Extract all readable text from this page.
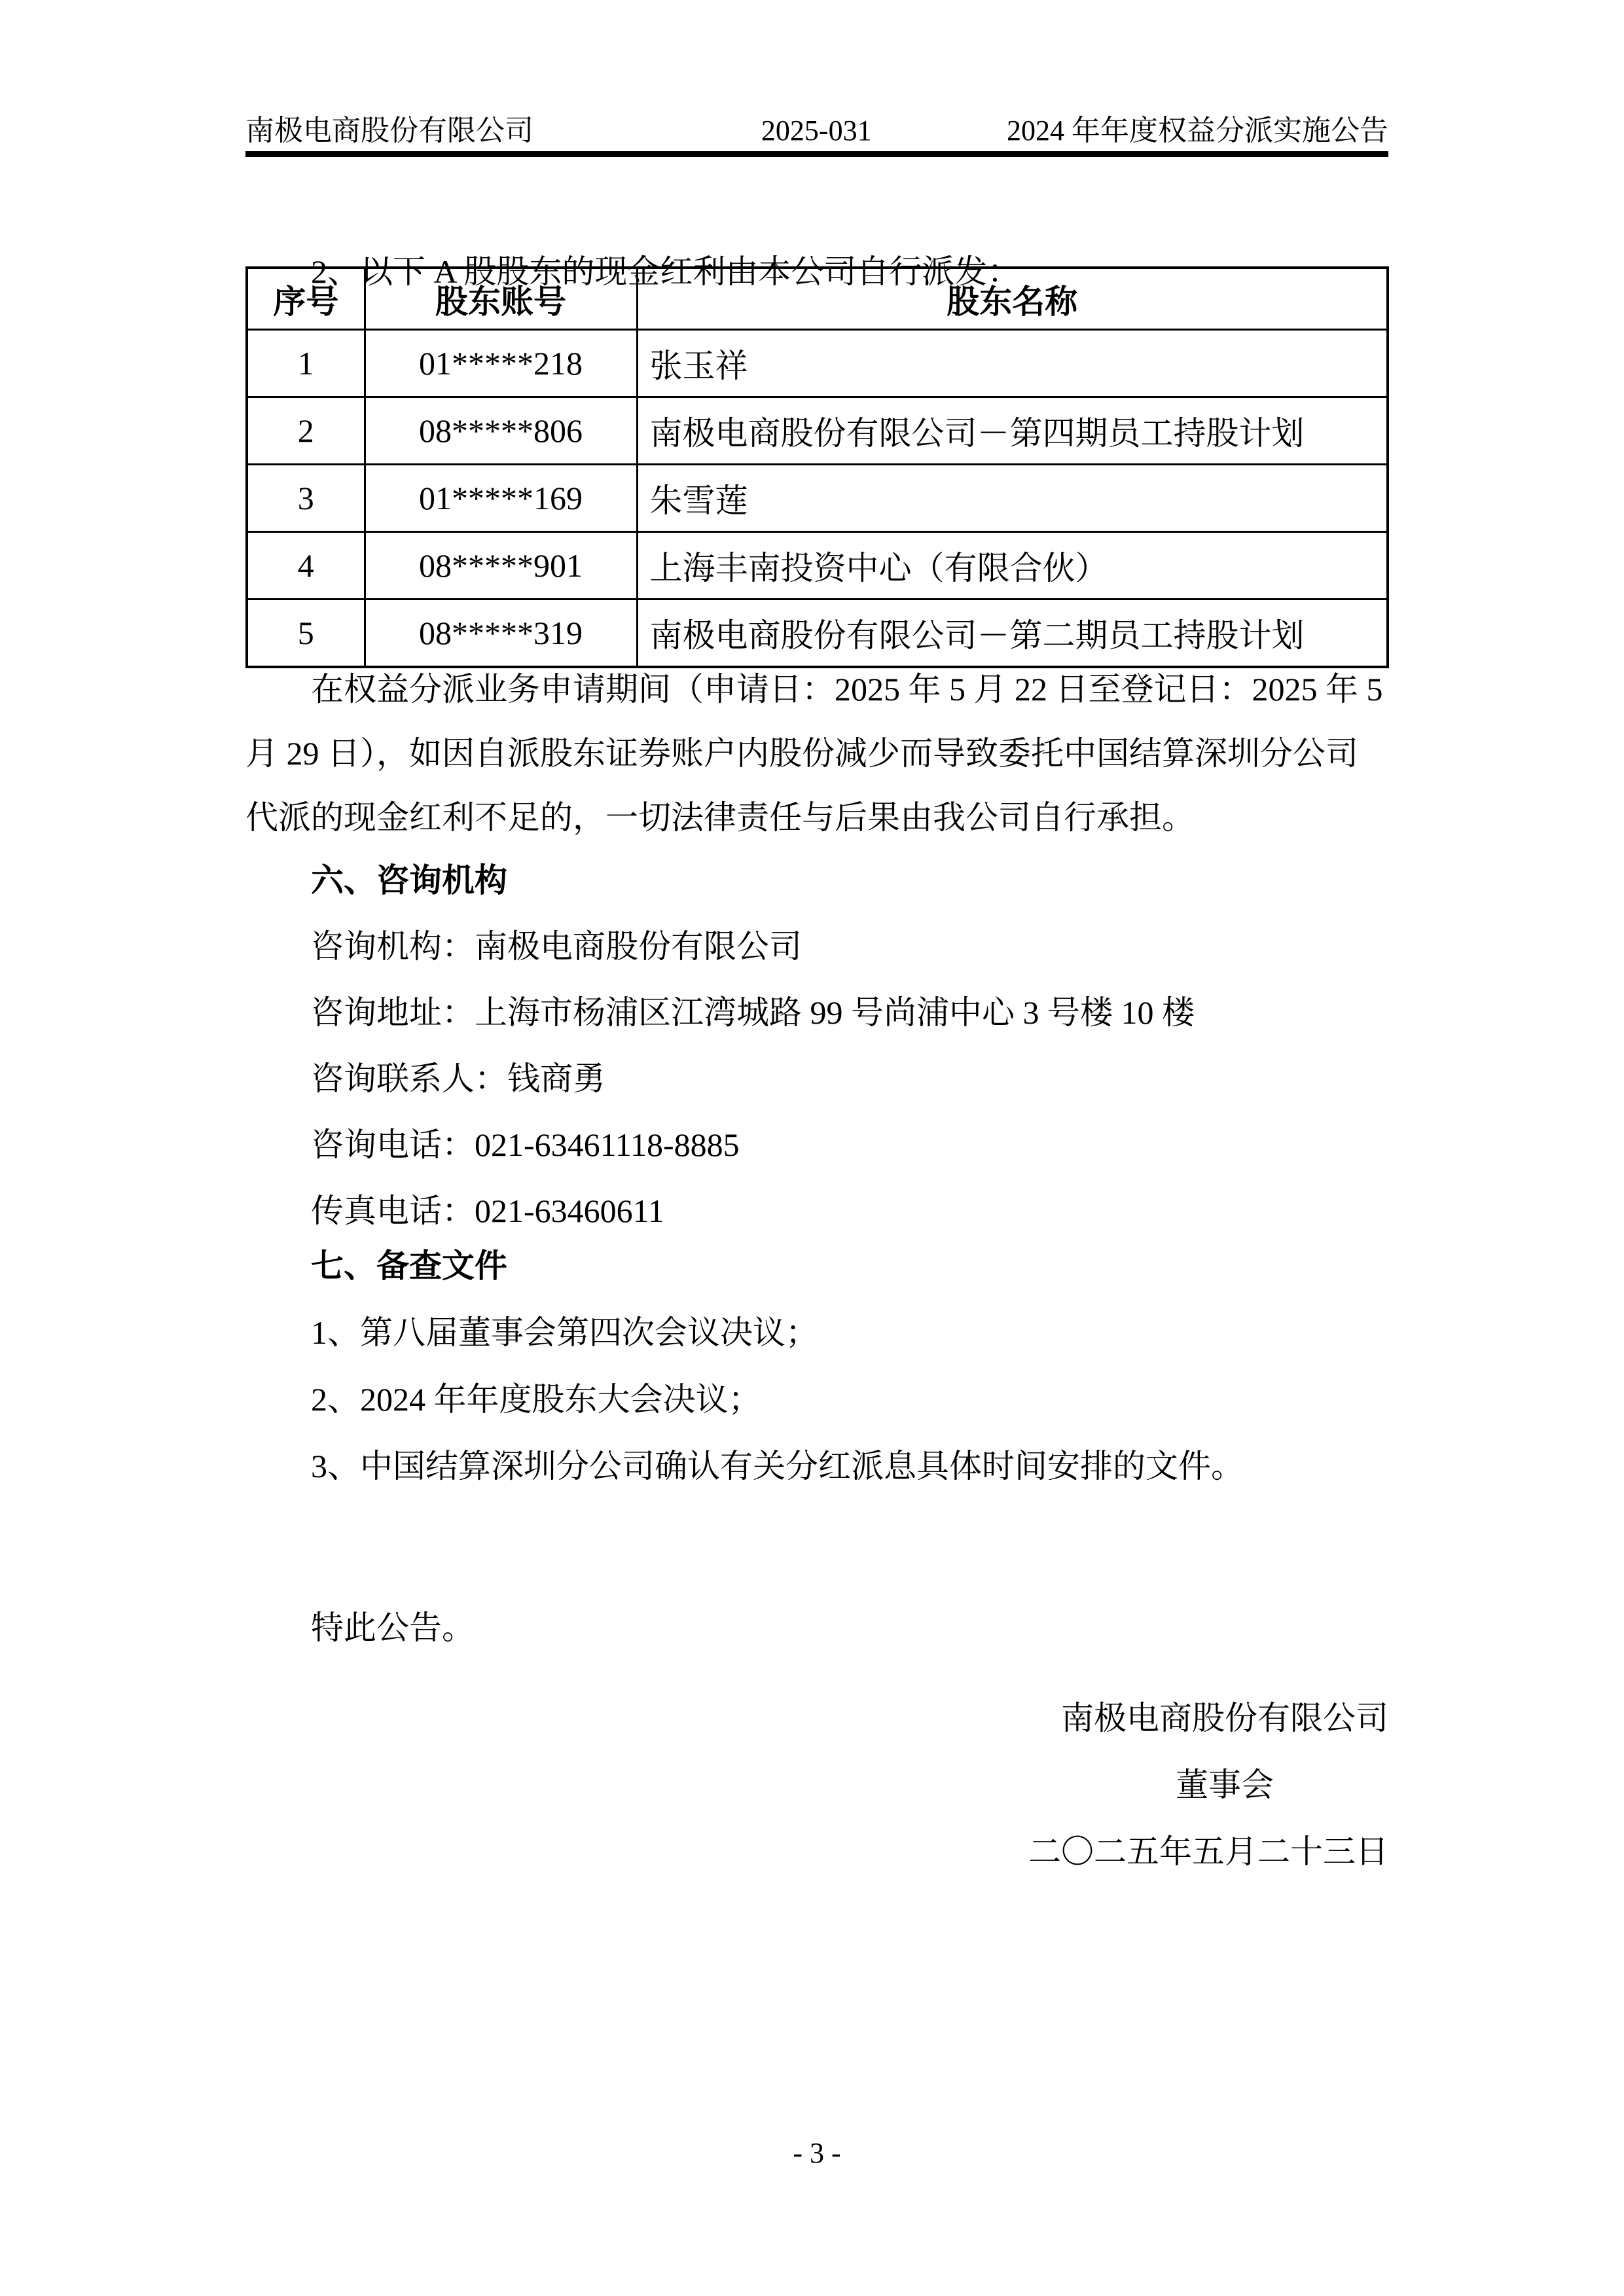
南极电商股份有限公司	2025-031	2024 年年度权益分派实施公告

2、以下 A 股股东的现金红利由本公司自行派发：

序号	股东账号	股东名称
1	01*****218	张玉祥
2	08*****806	南极电商股份有限公司－第四期员工持股计划
3	01*****169	朱雪莲
4	08*****901	上海丰南投资中心（有限合伙）
5	08*****319	南极电商股份有限公司－第二期员工持股计划
在权益分派业务申请期间（申请日：2025 年 5 月 22 日至登记日：2025 年 5
月 29 日），如因自派股东证券账户内股份减少而导致委托中国结算深圳分公司
代派的现金红利不足的，一切法律责任与后果由我公司自行承担。
六、咨询机构
咨询机构：南极电商股份有限公司
咨询地址：上海市杨浦区江湾城路 99 号尚浦中心 3 号楼 10 楼
咨询联系人：钱商勇
咨询电话：021-63461118-8885
传真电话：021-63460611
七、备查文件
1、第八届董事会第四次会议决议；
2、2024 年年度股东大会决议；
3、中国结算深圳分公司确认有关分红派息具体时间安排的文件。

特此公告。

南极电商股份有限公司
董事会
二〇二五年五月二十三日
- 3 -
